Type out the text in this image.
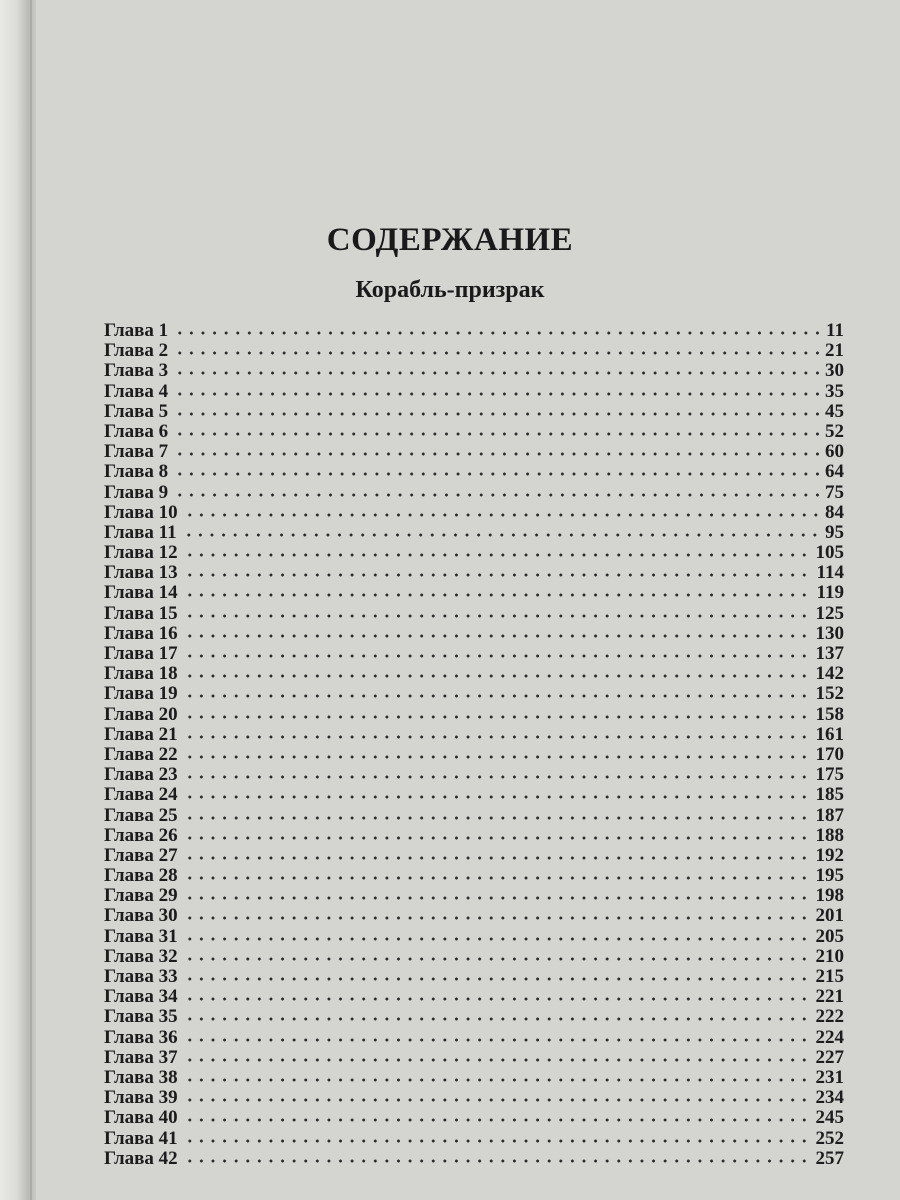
СОДЕРЖАНИЕ
Корабль-призрак
Глава 1	11
Глава 2	21
Глава 3	30
Глава 4	35
Глава 5	45
Глава 6	52
Глава 7	60
Глава 8	64
Глава 9	75
Глава 10	84
Глава 11	95
Глава 12	105
Глава 13	114
Глава 14	119
Глава 15	125
Глава 16	130
Глава 17	137
Глава 18	142
Глава 19	152
Глава 20	158
Глава 21	161
Глава 22	170
Глава 23	175
Глава 24	185
Глава 25	187
Глава 26	188
Глава 27	192
Глава 28	195
Глава 29	198
Глава 30	201
Глава 31	205
Глава 32	210
Глава 33	215
Глава 34	221
Глава 35	222
Глава 36	224
Глава 37	227
Глава 38	231
Глава 39	234
Глава 40	245
Глава 41	252
Глава 42	257
